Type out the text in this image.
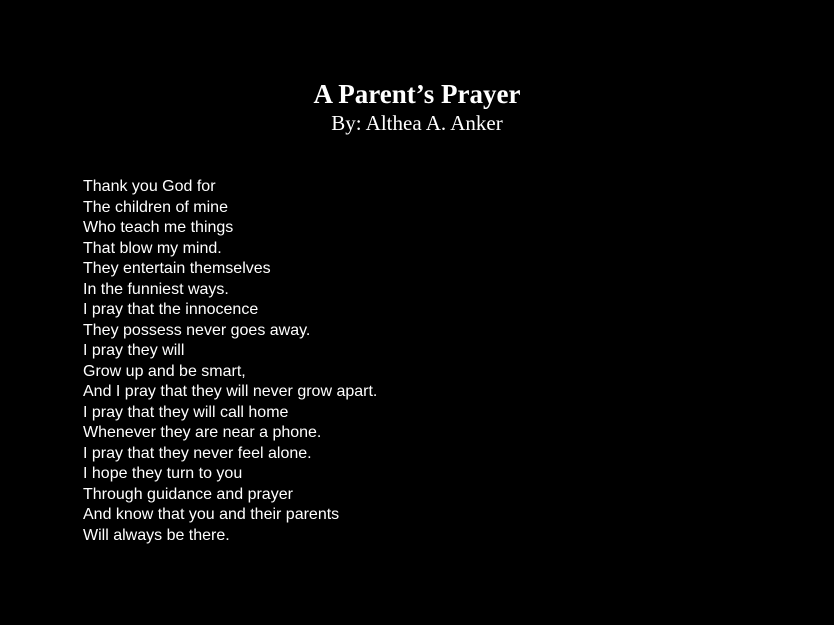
A Parent’s Prayer

By: Althea A. Anker

Thank you God for
The children of mine
Who teach me things
That blow my mind.
They entertain themselves
In the funniest ways.
I pray that the innocence
They possess never goes away.
I pray they will
Grow up and be smart,
And I pray that they will never grow apart.
I pray that they will call home
Whenever they are near a phone.
I pray that they never feel alone.
I hope they turn to you
Through guidance and prayer
And know that you and their parents
Will always be there.
